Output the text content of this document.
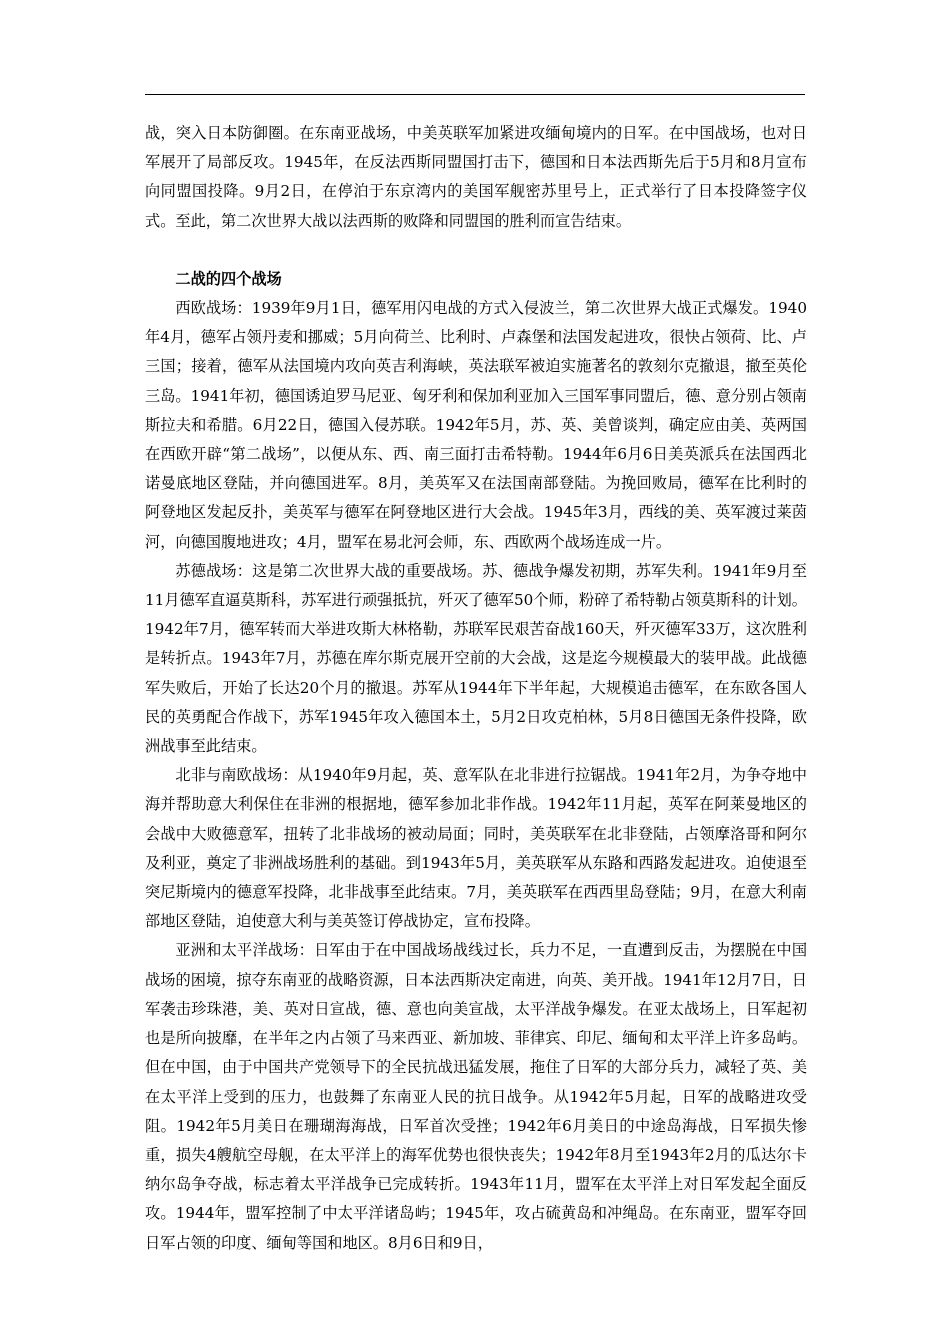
战，突入日本防御圈。在东南亚战场，中美英联军加紧进攻缅甸境内的日军。在中国战场，也对日军展开了局部反攻。1945年，在反法西斯同盟国打击下，德国和日本法西斯先后于5月和8月宣布向同盟国投降。9月2日，在停泊于东京湾内的美国军舰密苏里号上，正式举行了日本投降签字仪式。至此，第二次世界大战以法西斯的败降和同盟国的胜利而宣告结束。

二战的四个战场

西欧战场：1939年9月1日，德军用闪电战的方式入侵波兰，第二次世界大战正式爆发。1940年4月，德军占领丹麦和挪威；5月向荷兰、比利时、卢森堡和法国发起进攻，很快占领荷、比、卢三国；接着，德军从法国境内攻向英吉利海峡，英法联军被迫实施著名的敦刻尔克撤退，撤至英伦三岛。1941年初，德国诱迫罗马尼亚、匈牙利和保加利亚加入三国军事同盟后，德、意分别占领南斯拉夫和希腊。6月22日，德国入侵苏联。1942年5月，苏、英、美曾谈判，确定应由美、英两国在西欧开辟“第二战场”，以便从东、西、南三面打击希特勒。1944年6月6日美英派兵在法国西北诺曼底地区登陆，并向德国进军。8月，美英军又在法国南部登陆。为挽回败局，德军在比利时的阿登地区发起反扑，美英军与德军在阿登地区进行大会战。1945年3月，西线的美、英军渡过莱茵河，向德国腹地进攻；4月，盟军在易北河会师，东、西欧两个战场连成一片。

苏德战场：这是第二次世界大战的重要战场。苏、德战争爆发初期，苏军失利。1941年9月至11月德军直逼莫斯科，苏军进行顽强抵抗，歼灭了德军50个师，粉碎了希特勒占领莫斯科的计划。1942年7月，德军转而大举进攻斯大林格勒，苏联军民艰苦奋战160天，歼灭德军33万，这次胜利是转折点。1943年7月，苏德在库尔斯克展开空前的大会战，这是迄今规模最大的装甲战。此战德军失败后，开始了长达20个月的撤退。苏军从1944年下半年起，大规模追击德军，在东欧各国人民的英勇配合作战下，苏军1945年攻入德国本土，5月2日攻克柏林，5月8日德国无条件投降，欧洲战事至此结束。

北非与南欧战场：从1940年9月起，英、意军队在北非进行拉锯战。1941年2月，为争夺地中海并帮助意大利保住在非洲的根据地，德军参加北非作战。1942年11月起，英军在阿莱曼地区的会战中大败德意军，扭转了北非战场的被动局面；同时，美英联军在北非登陆，占领摩洛哥和阿尔及利亚，奠定了非洲战场胜利的基础。到1943年5月，美英联军从东路和西路发起进攻。迫使退至突尼斯境内的德意军投降，北非战事至此结束。7月，美英联军在西西里岛登陆；9月，在意大利南部地区登陆，迫使意大利与美英签订停战协定，宣布投降。

亚洲和太平洋战场：日军由于在中国战场战线过长，兵力不足，一直遭到反击，为摆脱在中国战场的困境，掠夺东南亚的战略资源，日本法西斯决定南进，向英、美开战。1941年12月7日，日军袭击珍珠港，美、英对日宣战，德、意也向美宣战，太平洋战争爆发。在亚太战场上，日军起初也是所向披靡，在半年之内占领了马来西亚、新加坡、菲律宾、印尼、缅甸和太平洋上许多岛屿。但在中国，由于中国共产党领导下的全民抗战迅猛发展，拖住了日军的大部分兵力，减轻了英、美在太平洋上受到的压力，也鼓舞了东南亚人民的抗日战争。从1942年5月起，日军的战略进攻受阻。1942年5月美日在珊瑚海海战，日军首次受挫；1942年6月美日的中途岛海战，日军损失惨重，损失4艘航空母舰，在太平洋上的海军优势也很快丧失；1942年8月至1943年2月的瓜达尔卡纳尔岛争夺战，标志着太平洋战争已完成转折。1943年11月，盟军在太平洋上对日军发起全面反攻。1944年，盟军控制了中太平洋诸岛屿；1945年，攻占硫黄岛和冲绳岛。在东南亚，盟军夺回日军占领的印度、缅甸等国和地区。8月6日和9日，
